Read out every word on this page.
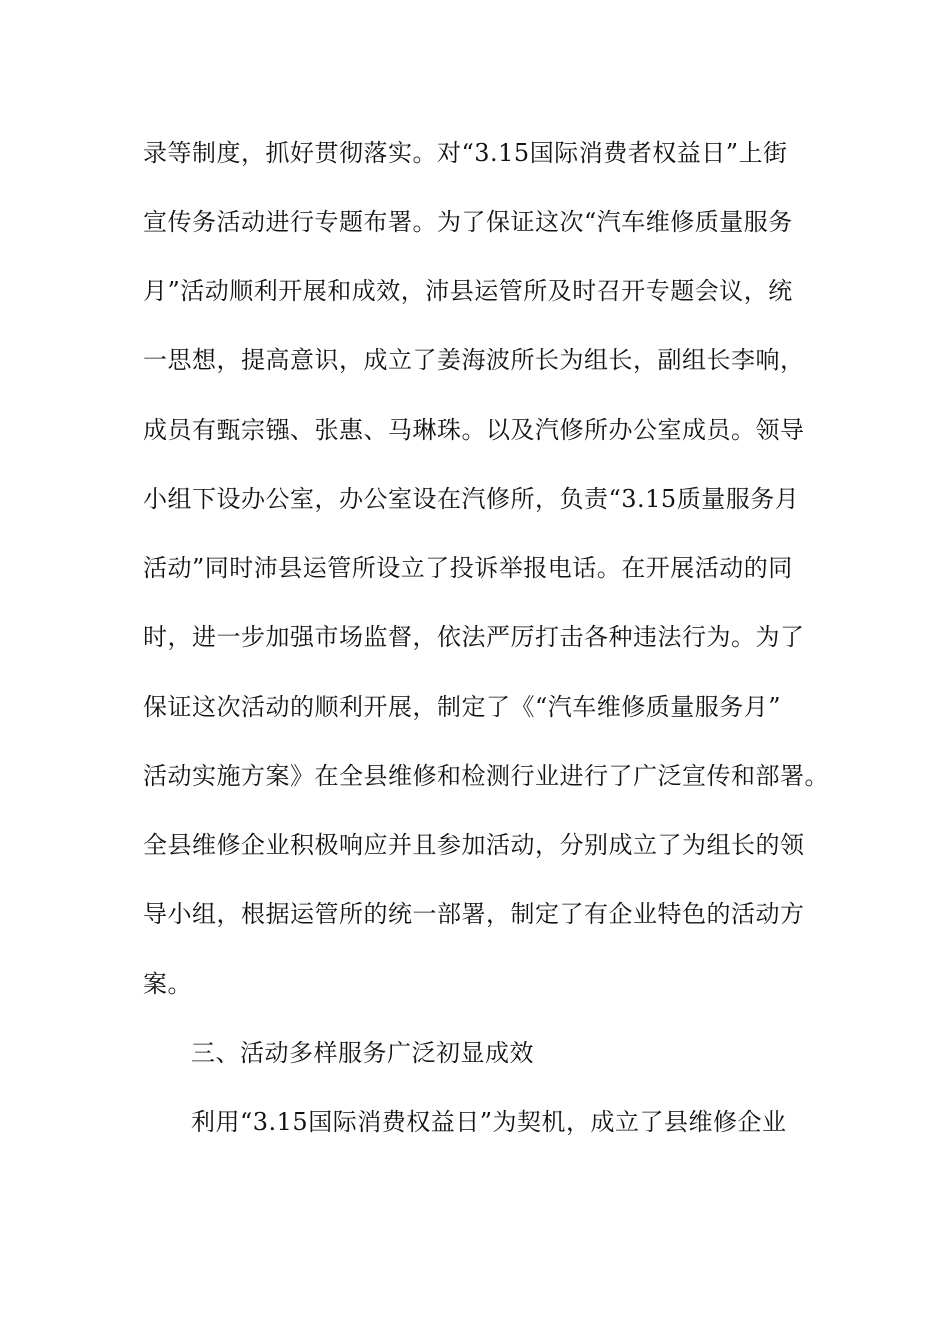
录等制度，抓好贯彻落实。对“3.15国际消费者权益日”上街
宣传务活动进行专题布署。为了保证这次“汽车维修质量服务
月”活动顺利开展和成效，沛县运管所及时召开专题会议，统
一思想，提高意识，成立了姜海波所长为组长，副组长李响，
成员有甄宗镪、张惠、马琳珠。以及汽修所办公室成员。领导
小组下设办公室，办公室设在汽修所，负责“3.15质量服务月
活动”同时沛县运管所设立了投诉举报电话。在开展活动的同
时，进一步加强市场监督，依法严厉打击各种违法行为。为了
保证这次活动的顺利开展，制定了《“汽车维修质量服务月”
活动实施方案》在全县维修和检测行业进行了广泛宣传和部署。
全县维修企业积极响应并且参加活动，分别成立了为组长的领
导小组，根据运管所的统一部署，制定了有企业特色的活动方
案。
三、活动多样服务广泛初显成效
利用“3.15国际消费权益日”为契机，成立了县维修企业
